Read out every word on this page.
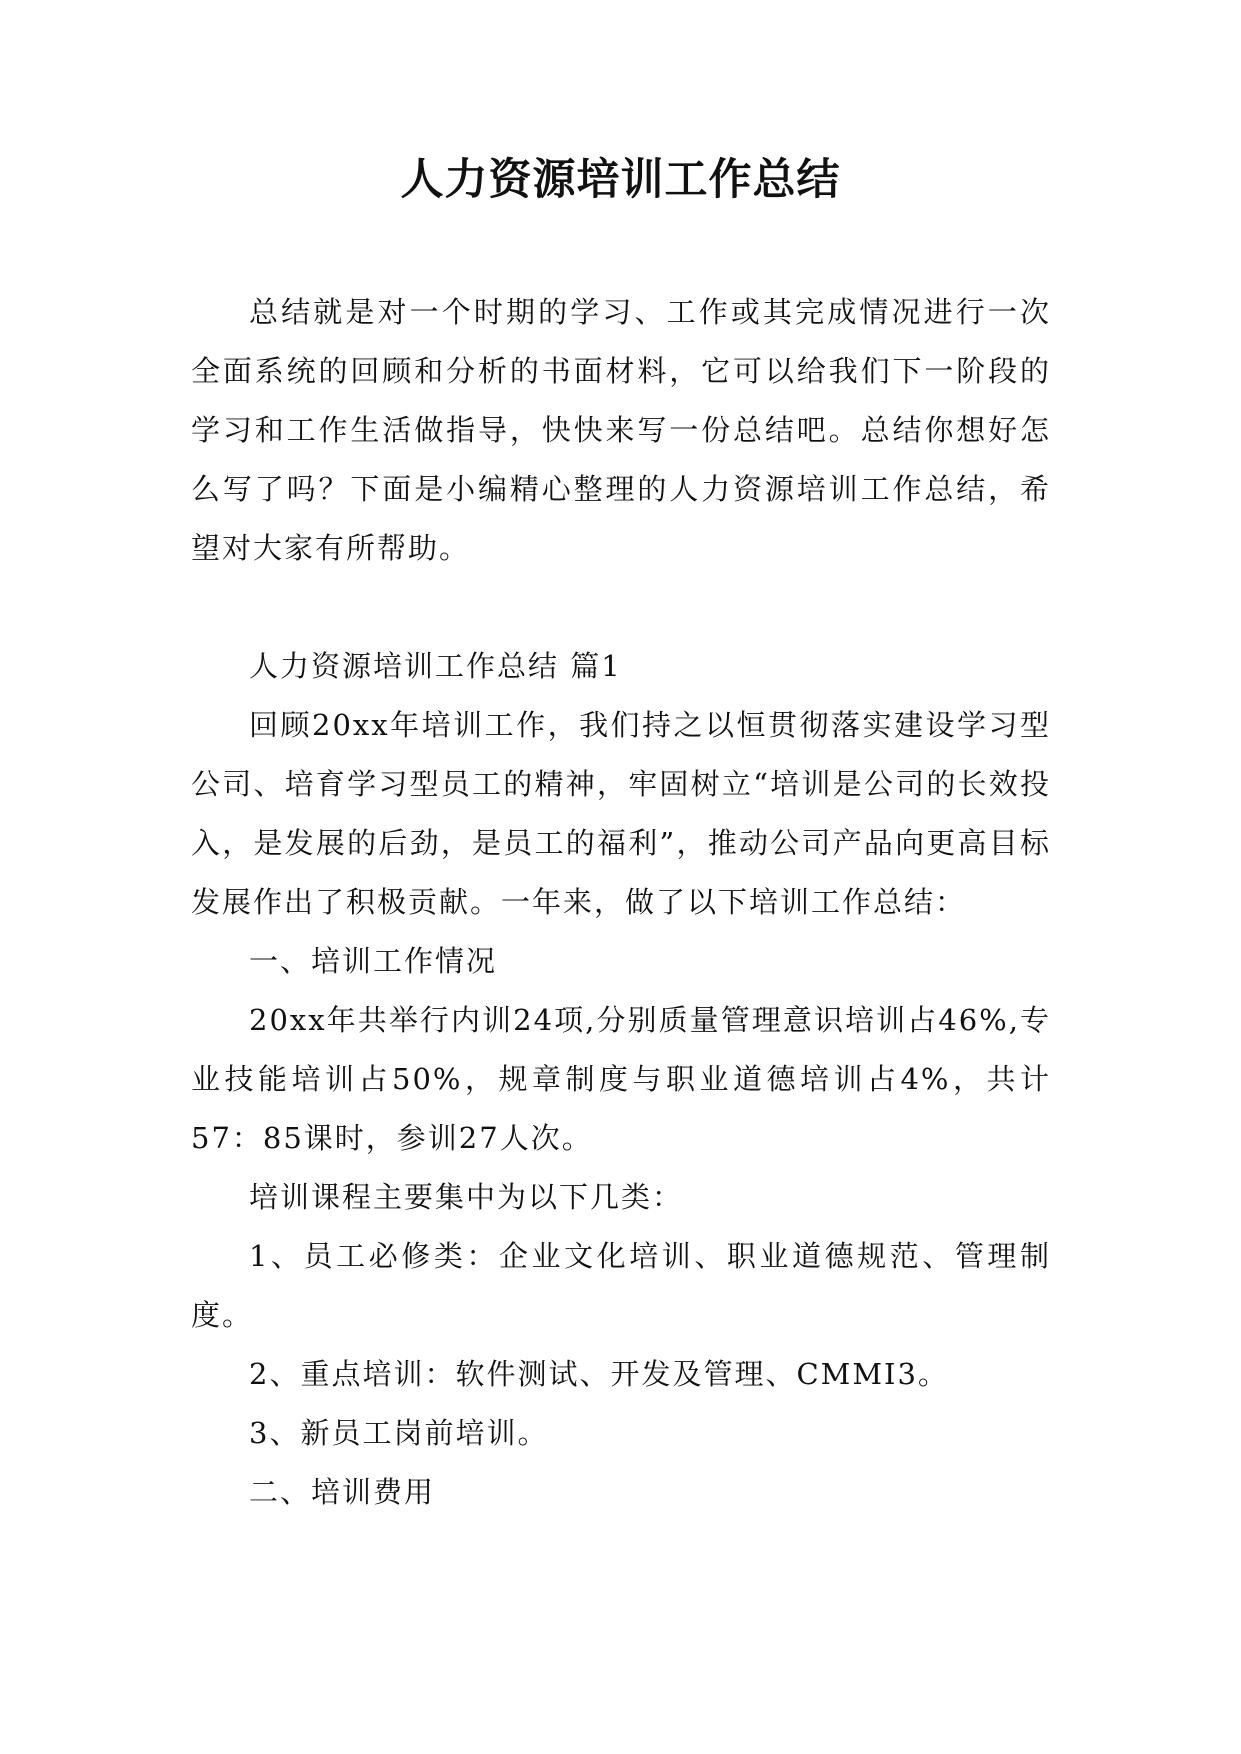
人力资源培训工作总结

总结就是对一个时期的学习、工作或其完成情况进行一次全面系统的回顾和分析的书面材料，它可以给我们下一阶段的学习和工作生活做指导，快快来写一份总结吧。总结你想好怎么写了吗？下面是小编精心整理的人力资源培训工作总结，希望对大家有所帮助。

人力资源培训工作总结 篇1

回顾20xx年培训工作，我们持之以恒贯彻落实建设学习型公司、培育学习型员工的精神，牢固树立“培训是公司的长效投入，是发展的后劲，是员工的福利”，推动公司产品向更高目标发展作出了积极贡献。一年来，做了以下培训工作总结：

一、培训工作情况

20xx年共举行内训24项,分别质量管理意识培训占46%,专业技能培训占50%，规章制度与职业道德培训占4%，共计57：85课时，参训27人次。

培训课程主要集中为以下几类：

1、员工必修类：企业文化培训、职业道德规范、管理制度。

2、重点培训：软件测试、开发及管理、CMMI3。

3、新员工岗前培训。

二、培训费用
